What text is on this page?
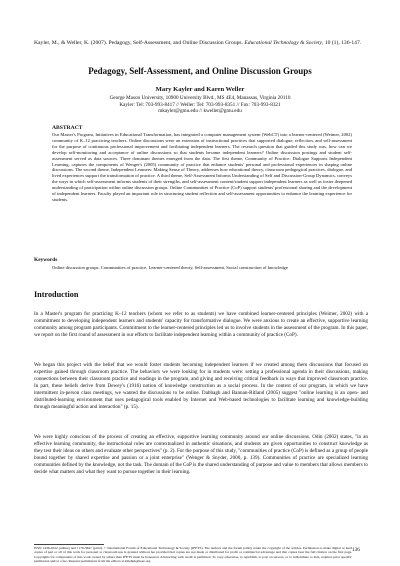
Kayler, M., & Weller, K. (2007). Pedagogy, Self-Assessment, and Online Discussion Groups. Educational Technology & Society, 10 (1), 136-147.
Pedagogy, Self-Assessment, and Online Discussion Groups
Mary Kayler and Karen Weller
George Mason University, 10900 University Blvd., MS 4E4, Manassas, Virginia 20110
Kayler: Tel: 703-993-8417 // Weller: Tel: 703-993-8351 // Fax: 703-993-8321
mkayler@gmu.edu // kweller@gmu.edu
ABSTRACT
Our Master's Program, Initiatives in Educational Transformation, has integrated a computer management system (WebCT) into a learner-centered (Weimer, 2002) community of K–12 practicing teachers. Online discussions were an extension of instructional practices that supported dialogue, reflection, and self-assessment for the purpose of continuous professional improvement and facilitating independent learners. The research question that guided this study was, how can we develop self-monitoring and acceptance of online discussions so that students became independent learners? Online discussion postings and student self-assessment served as data sources. Three dominant themes emerged from the data. The first theme, Community of Practice: Dialogue Supports Independent Learning, captures the components of Wenger's (2005) community of practice that enhance students' personal and professional experiences in shaping online discussions. The second theme, Independent Learners: Making Sense of Theory, addresses how educational theory, classroom pedagogical practices, dialogue, and lived experiences support the transformation of practice. A third theme, Self-Assessment Informs Understanding of Self and Discussion-Group Dynamics, conveys the ways in which self-assessment informs students of their strengths, and self-assessment content/student support independent learners as well as foster deepened understanding of participation within online discussion groups. Online Communities of Practice (CoP) support students' professional sharing and the development of independent learners. Faculty played an important role in structuring student reflection and self-assessment opportunities to enhance the learning experience for students.
Keywords
Online discussion groups, Communities of practice, Learner-centered theory, Self-assessment, Social construction of knowledge
Introduction
In a Master's program for practicing K–12 teachers (whom we refer to as students) we have combined learner-centered principles (Weimer, 2002) with a commitment to developing independent learners and students' capacity for transformative dialogue. We were anxious to create an effective, supportive learning community among program participants. Commitment to the learner-centered principles led us to involve students in the assessment of the program. In this paper, we report on the first round of assessment in our efforts to facilitate independent learning within a community of practice (CoP).
We began this project with the belief that we would foster students becoming independent learners if we created among them discussions that focused on expertise gained through classroom practice. The behaviors we were looking for in students were: setting a professional agenda in their discussions, making connections between their classroom practice and readings in the program, and giving and receiving critical feedback in ways that improved classroom practice. In part, these beliefs derive from Dewey's (1916) notion of knowledge construction as a social process. In the context of our program, in which we have intermittent in-person class meetings, we wanted the discussions to be online. Dabbagh and Bannan-Ritland (2005) suggest "online learning is an open- and distributed-learning environment that uses pedagogical tools enabled by Internet and Web-based technologies to facilitate learning and knowledge-building through meaningful action and interaction" (p. 15).
We were highly conscious of the process of creating an effective, supportive learning community around our online discussions. Odin (2002) states, "in an effective learning community, the instructional roles are contextualized in authentic situations, and students are given opportunities to construct knowledge as they test their ideas on others and evaluate other perspectives" (p. 2). For the purpose of this study, "communities of practice (CoP) is defined as a group of people bound together by shared expertise and passion or a joint enterprise" (Wenger & Snyder, 2000, p. 139). Communities of practice are specialized learning communities defined by the knowledge, not the task. The domain of the CoP is the shared understanding of purpose and value to members that allows members to decide what matters and what they want to pursue together in their learning.
ISSN 1436-4522 (online) and 1176-3647 (print). © International Forum of Educational Technology & Society (IFETS). The authors and the forum jointly retain the copyright of the articles. Permission to make digital or hard copies of part or all of this work for personal or classroom use is granted without fee provided that copies are not made or distributed for profit or commercial advantage and that copies bear the full citation on the first page. Copyrights for components of this work owned by others than IFETS must be honoured. Abstracting with credit is permitted. To copy otherwise, to republish, to post on servers, or to redistribute to lists, requires prior specific permission and/or a fee. Request permissions from the editors at kinshuk@ieee.org.
136
